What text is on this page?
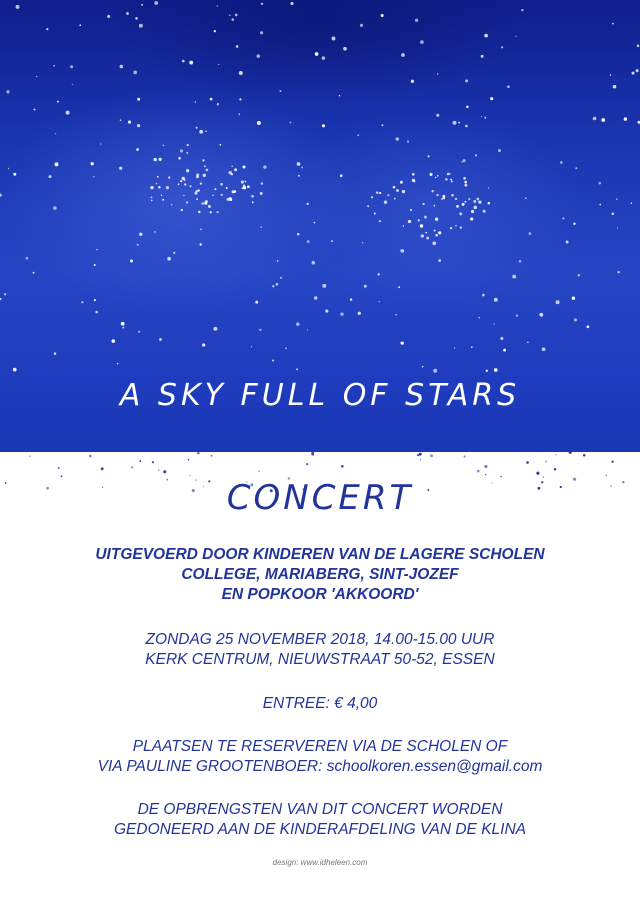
A SKY FULL OF STARS
CONCERT
UITGEVOERD DOOR KINDEREN VAN DE LAGERE SCHOLEN
COLLEGE, MARIABERG, SINT-JOZEF
EN POPKOOR 'AKKOORD'
ZONDAG 25 NOVEMBER 2018, 14.00-15.00 UUR
KERK CENTRUM, NIEUWSTRAAT 50-52, ESSEN
ENTREE: € 4,00
PLAATSEN TE RESERVEREN VIA DE SCHOLEN OF
VIA PAULINE GROOTENBOER: schoolkoren.essen@gmail.com
DE OPBRENGSTEN VAN DIT CONCERT WORDEN
GEDONEERD AAN DE KINDERAFDELING VAN DE KLINA
design: www.idheleen.com
